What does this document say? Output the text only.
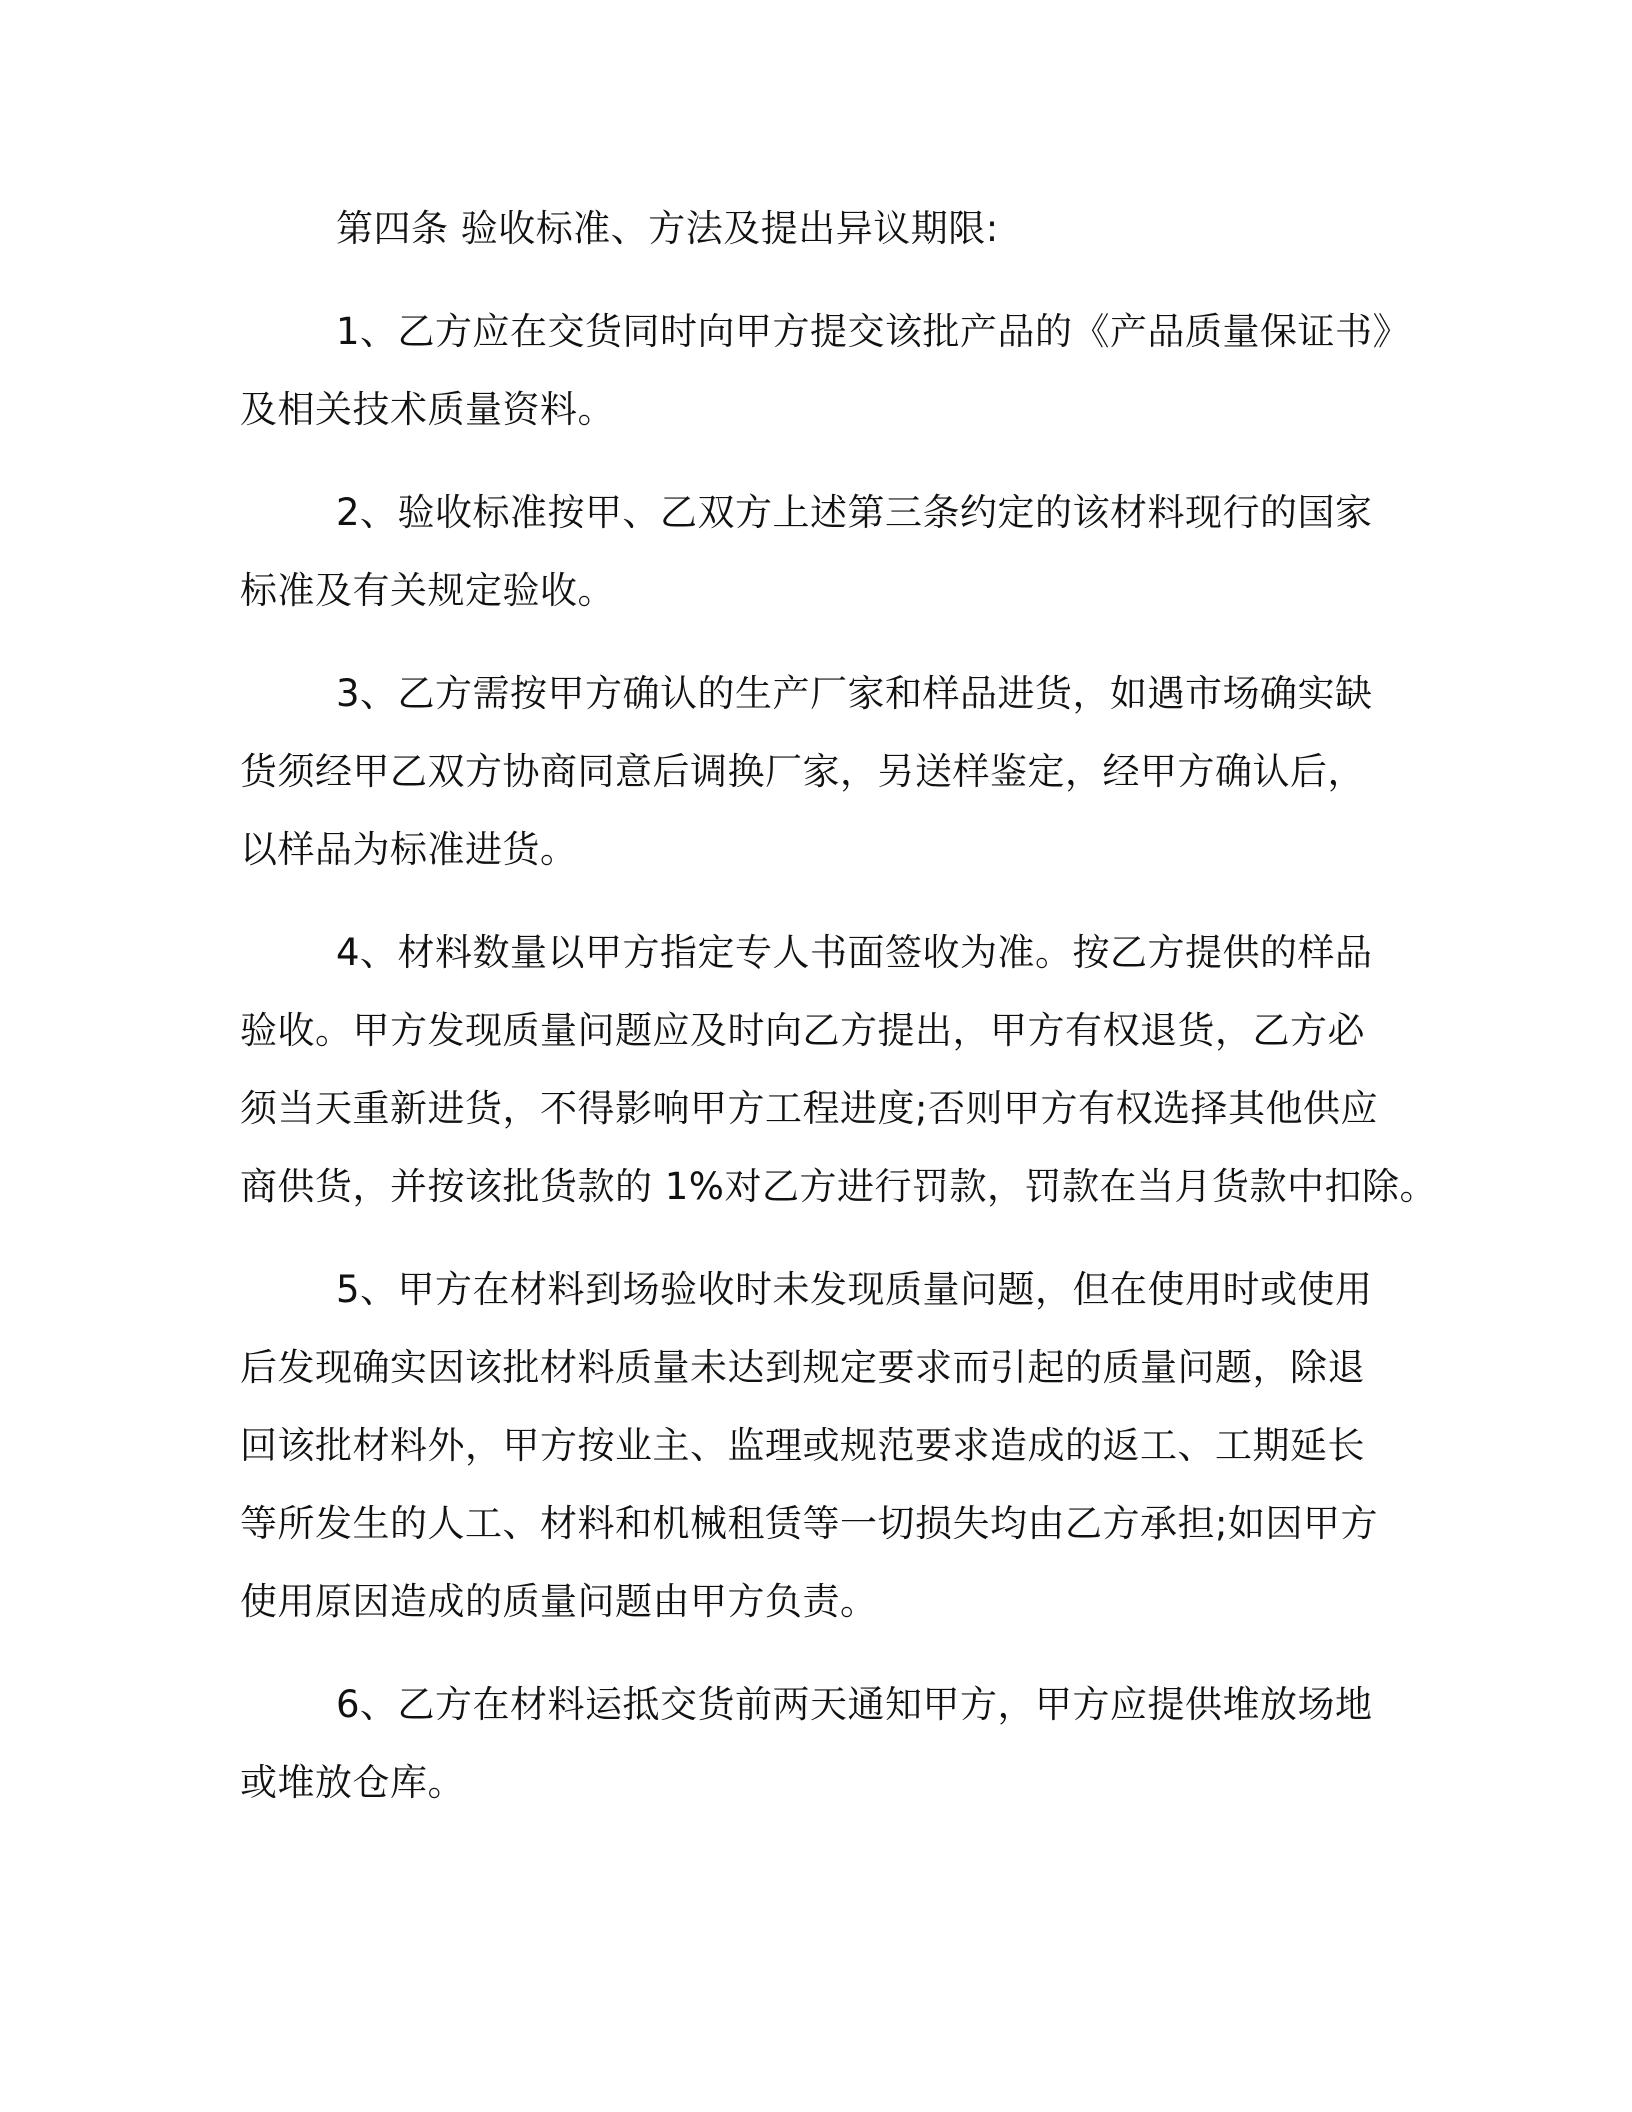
第四条 验收标准、方法及提出异议期限:
1、乙方应在交货同时向甲方提交该批产品的《产品质量保证书》
及相关技术质量资料。
2、验收标准按甲、乙双方上述第三条约定的该材料现行的国家
标准及有关规定验收。
3、乙方需按甲方确认的生产厂家和样品进货，如遇市场确实缺
货须经甲乙双方协商同意后调换厂家，另送样鉴定，经甲方确认后，
以样品为标准进货。
4、材料数量以甲方指定专人书面签收为准。按乙方提供的样品
验收。甲方发现质量问题应及时向乙方提出，甲方有权退货，乙方必
须当天重新进货，不得影响甲方工程进度;否则甲方有权选择其他供应
商供货，并按该批货款的 1%对乙方进行罚款，罚款在当月货款中扣除。
5、甲方在材料到场验收时未发现质量问题，但在使用时或使用
后发现确实因该批材料质量未达到规定要求而引起的质量问题，除退
回该批材料外，甲方按业主、监理或规范要求造成的返工、工期延长
等所发生的人工、材料和机械租赁等一切损失均由乙方承担;如因甲方
使用原因造成的质量问题由甲方负责。
6、乙方在材料运抵交货前两天通知甲方，甲方应提供堆放场地
或堆放仓库。
